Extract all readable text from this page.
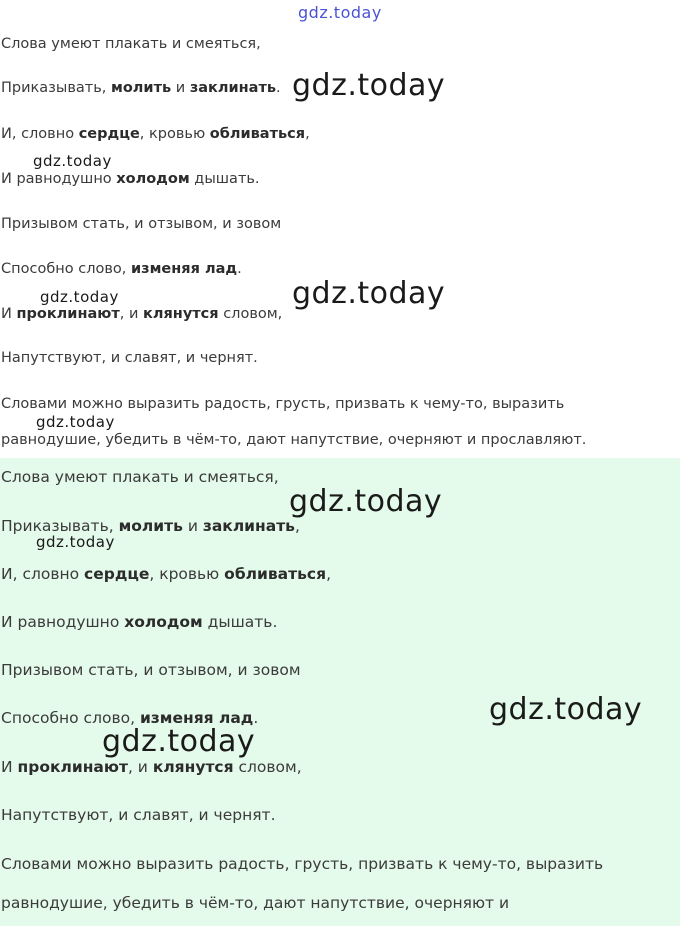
Слова умеют плакать и смеяться,
Приказывать, молить и заклинать.
И, словно сердце, кровью обливаться,
И равнодушно холодом дышать.
Призывом стать, и отзывом, и зовом
Способно слово, изменяя лад.
И проклинают, и клянутся словом,
Напутствуют, и славят, и чернят.
Словами можно выразить радость, грусть, призвать к чему-то, выразить
равнодушие, убедить в чём-то, дают напутствие, очерняют и прославляют.
Слова умеют плакать и смеяться,
Приказывать, молить и заклинать,
И, словно сердце, кровью обливаться,
И равнодушно холодом дышать.
Призывом стать, и отзывом, и зовом
Способно слово, изменяя лад.
И проклинают, и клянутся словом,
Напутствуют, и славят, и чернят.
Словами можно выразить радость, грусть, призвать к чему-то, выразить
равнодушие, убедить в чём-то, дают напутствие, очерняют и
gdz.today
gdz.today
gdz.today
gdz.today
gdz.today
gdz.today
gdz.today
gdz.today
gdz.today
gdz.today
